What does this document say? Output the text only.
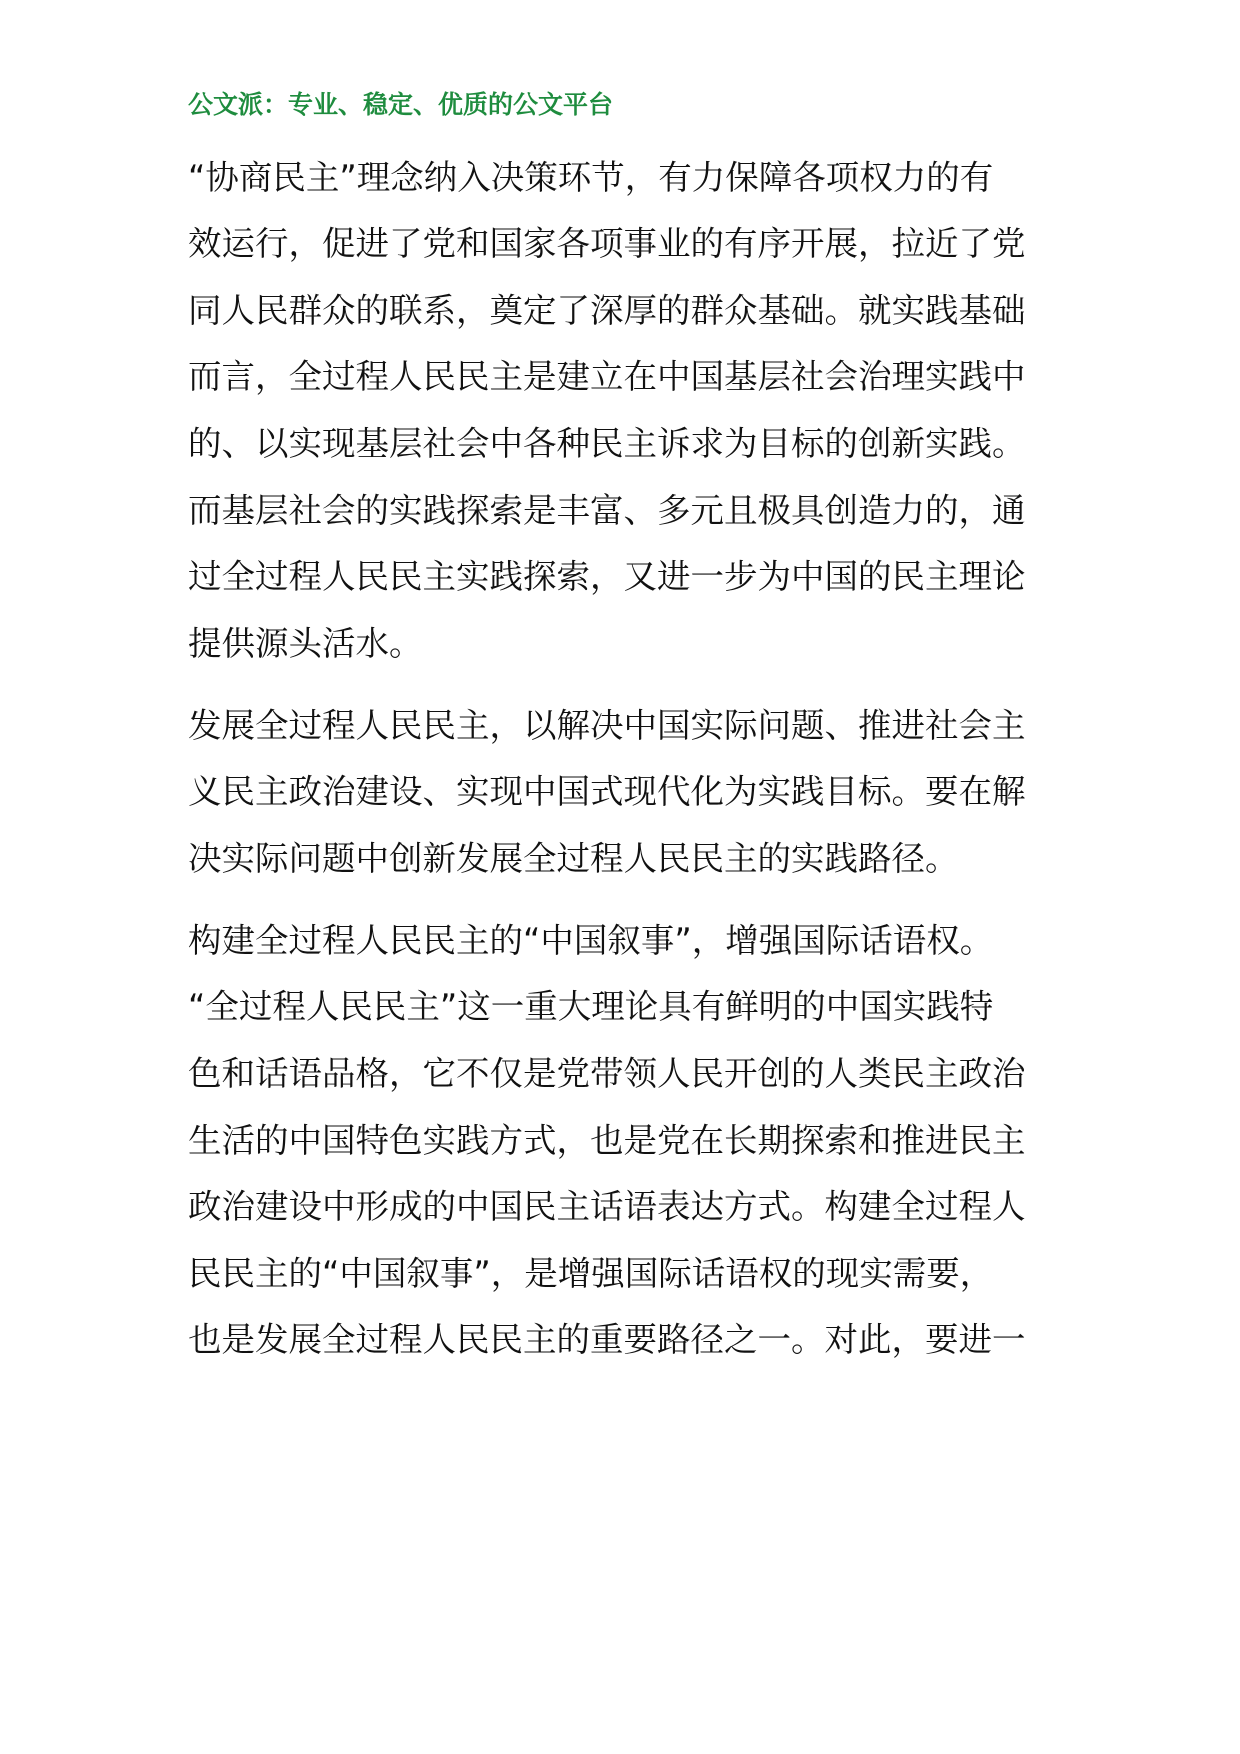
公文派：专业、稳定、优质的公文平台
“协商民主”理念纳入决策环节，有力保障各项权力的有
效运行，促进了党和国家各项事业的有序开展，拉近了党
同人民群众的联系，奠定了深厚的群众基础。就实践基础
而言，全过程人民民主是建立在中国基层社会治理实践中
的、以实现基层社会中各种民主诉求为目标的创新实践。
而基层社会的实践探索是丰富、多元且极具创造力的，通
过全过程人民民主实践探索，又进一步为中国的民主理论
提供源头活水。
发展全过程人民民主，以解决中国实际问题、推进社会主
义民主政治建设、实现中国式现代化为实践目标。要在解
决实际问题中创新发展全过程人民民主的实践路径。
构建全过程人民民主的“中国叙事”，增强国际话语权。
“全过程人民民主”这一重大理论具有鲜明的中国实践特
色和话语品格，它不仅是党带领人民开创的人类民主政治
生活的中国特色实践方式，也是党在长期探索和推进民主
政治建设中形成的中国民主话语表达方式。构建全过程人
民民主的“中国叙事”，是增强国际话语权的现实需要，
也是发展全过程人民民主的重要路径之一。对此，要进一
